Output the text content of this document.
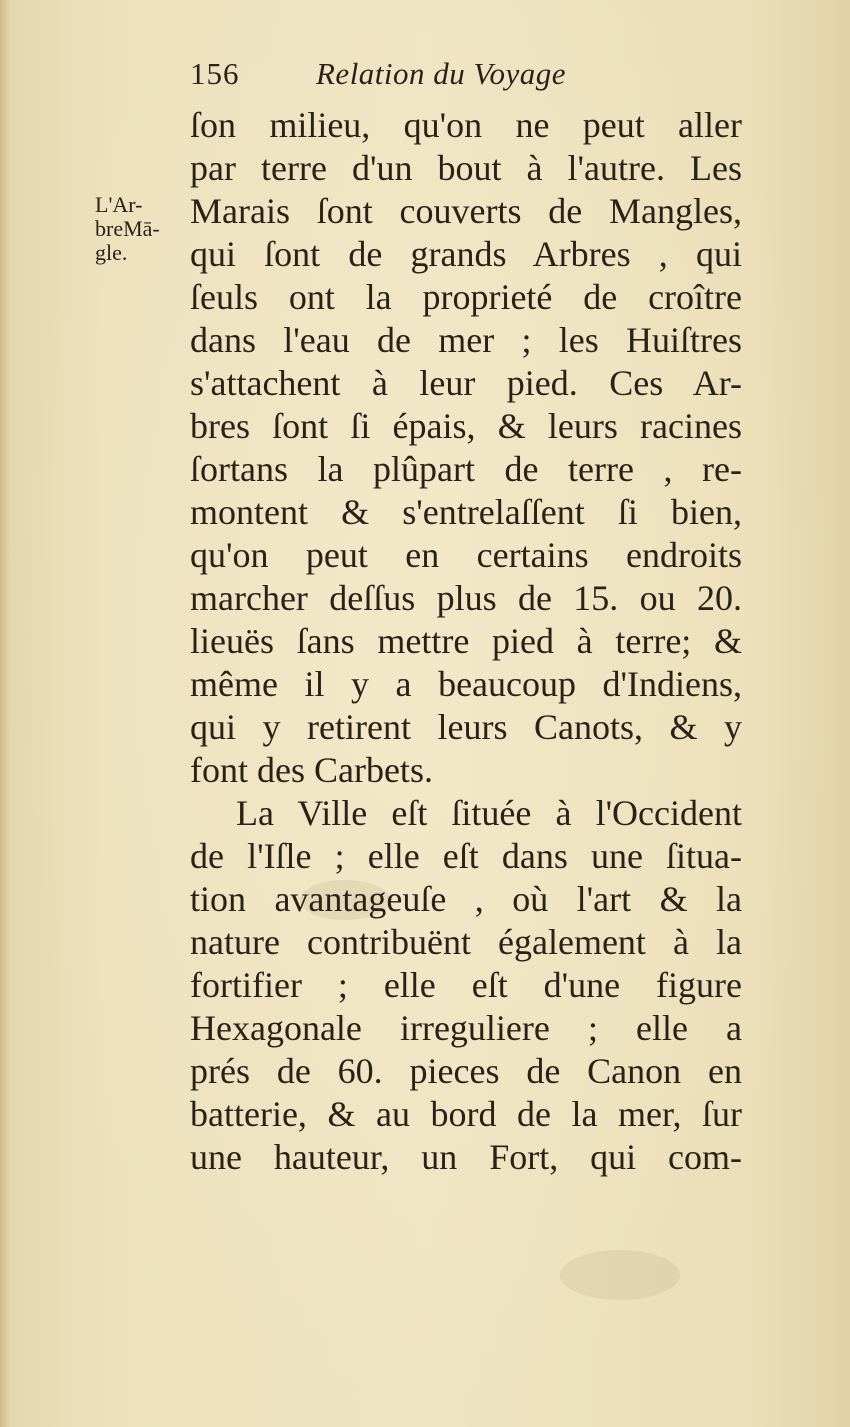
156 Relation du Voyage
L'Ar-
breMā-
gle.
ſon milieu, qu'on ne peut aller
par terre d'un bout à l'autre. Les
Marais ſont couverts de Mangles,
qui ſont de grands Arbres , qui
ſeuls ont la proprieté de croître
dans l'eau de mer ; les Huiſtres
s'attachent à leur pied. Ces Ar-
bres ſont ſi épais, & leurs racines
ſortans la plûpart de terre , re-
montent & s'entrelaſſent ſi bien,
qu'on peut en certains endroits
marcher deſſus plus de 15. ou 20.
lieuës ſans mettre pied à terre; &
même il y a beaucoup d'Indiens,
qui y retirent leurs Canots, & y
font des Carbets.
La Ville eſt ſituée à l'Occident
de l'Iſle ; elle eſt dans une ſitua-
tion avantageuſe , où l'art & la
nature contribuënt également à la
fortifier ; elle eſt d'une figure
Hexagonale irreguliere ; elle a
prés de 60. pieces de Canon en
batterie, & au bord de la mer, ſur
une hauteur, un Fort, qui com-
